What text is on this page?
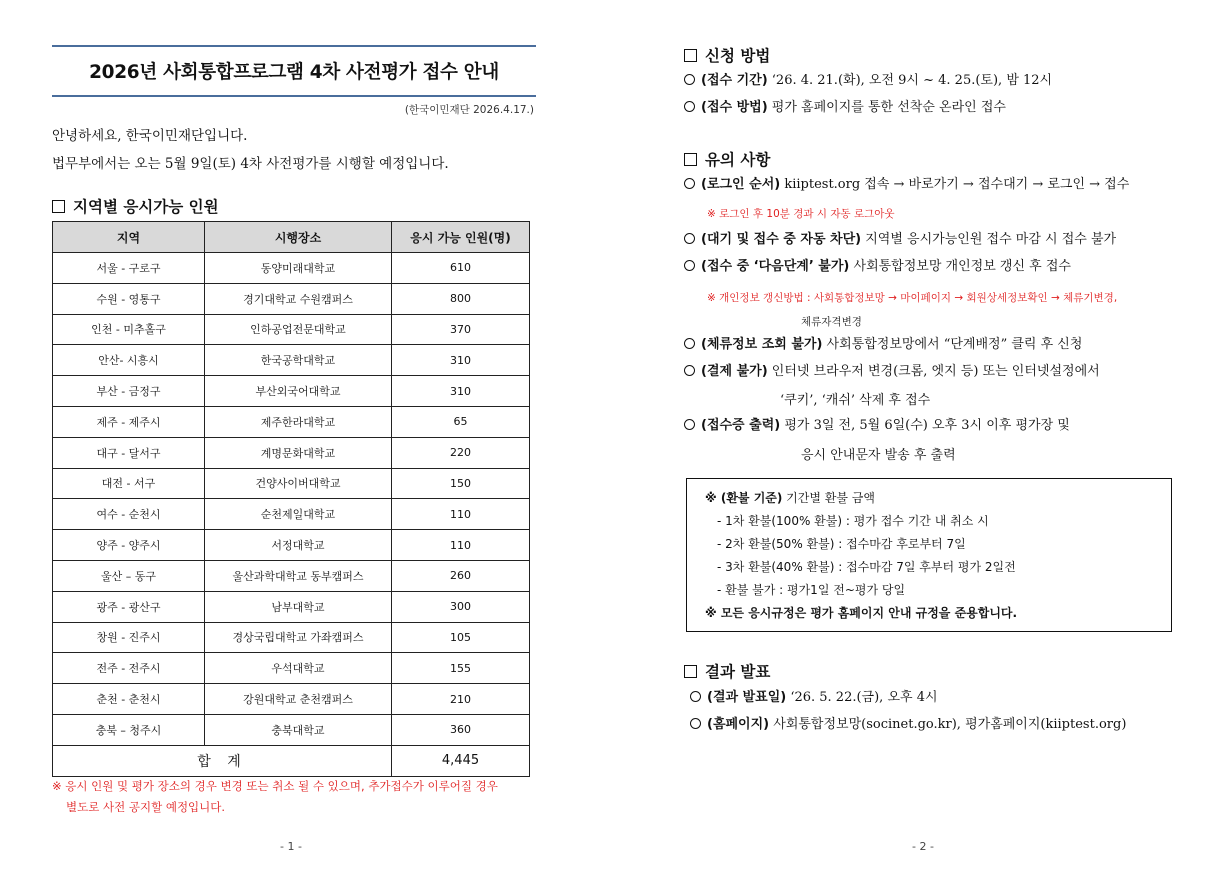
2026년 사회통합프로그램 4차 사전평가 접수 안내
(한국이민재단 2026.4.17.)
안녕하세요, 한국이민재단입니다.
법무부에서는 오는 5월 9일(토) 4차 사전평가를 시행할 예정입니다.
지역별 응시가능 인원
지역	시행장소	응시 가능 인원(명)
서울 - 구로구	동양미래대학교	610
수원 - 영통구	경기대학교 수원캠퍼스	800
인천 - 미추홀구	인하공업전문대학교	370
안산- 시흥시	한국공학대학교	310
부산 - 금정구	부산외국어대학교	310
제주 - 제주시	제주한라대학교	65
대구 - 달서구	계명문화대학교	220
대전 - 서구	건양사이버대학교	150
여수 - 순천시	순천제일대학교	110
양주 - 양주시	서정대학교	110
울산 – 동구	울산과학대학교 동부캠퍼스	260
광주 - 광산구	남부대학교	300
창원 - 진주시	경상국립대학교 가좌캠퍼스	105
전주 - 전주시	우석대학교	155
춘천 - 춘천시	강원대학교 춘천캠퍼스	210
충북 – 청주시	충북대학교	360
합 계		4,445
※ 응시 인원 및 평가 장소의 경우 변경 또는 취소 될 수 있으며, 추가접수가 이루어질 경우
별도로 사전 공지할 예정입니다.
- 1 -
신청 방법
(접수 기간) ‘26. 4. 21.(화), 오전 9시 ~ 4. 25.(토), 밤 12시
(접수 방법) 평가 홈페이지를 통한 선착순 온라인 접수
유의 사항
(로그인 순서) kiiptest.org 접속 → 바로가기 → 접수대기 → 로그인 → 접수
※ 로그인 후 10분 경과 시 자동 로그아웃
(대기 및 접수 중 자동 차단) 지역별 응시가능인원 접수 마감 시 접수 불가
(접수 중 ‘다음단계’ 불가) 사회통합정보망 개인정보 갱신 후 접수
※ 개인정보 갱신방법 : 사회통합정보망 → 마이페이지 → 회원상세정보확인 → 체류기변경,
체류자격변경
(체류정보 조회 불가) 사회통합정보망에서 “단계배정” 클릭 후 신청
(결제 불가) 인터넷 브라우저 변경(크롬, 엣지 등) 또는 인터넷설정에서
‘쿠키’, ‘캐쉬’ 삭제 후 접수
(접수증 출력) 평가 3일 전, 5월 6일(수) 오후 3시 이후 평가장 및
응시 안내문자 발송 후 출력
※ (환불 기준) 기간별 환불 금액
- 1차 환불(100% 환불) : 평가 접수 기간 내 취소 시
- 2차 환불(50% 환불) : 접수마감 후로부터 7일
- 3차 환불(40% 환불) : 접수마감 7일 후부터 평가 2일전
- 환불 불가 : 평가1일 전~평가 당일
※ 모든 응시규정은 평가 홈페이지 안내 규정을 준용합니다.
결과 발표
(결과 발표일) ‘26. 5. 22.(금), 오후 4시
(홈페이지) 사회통합정보망(socinet.go.kr), 평가홈페이지(kiiptest.org)
- 2 -
